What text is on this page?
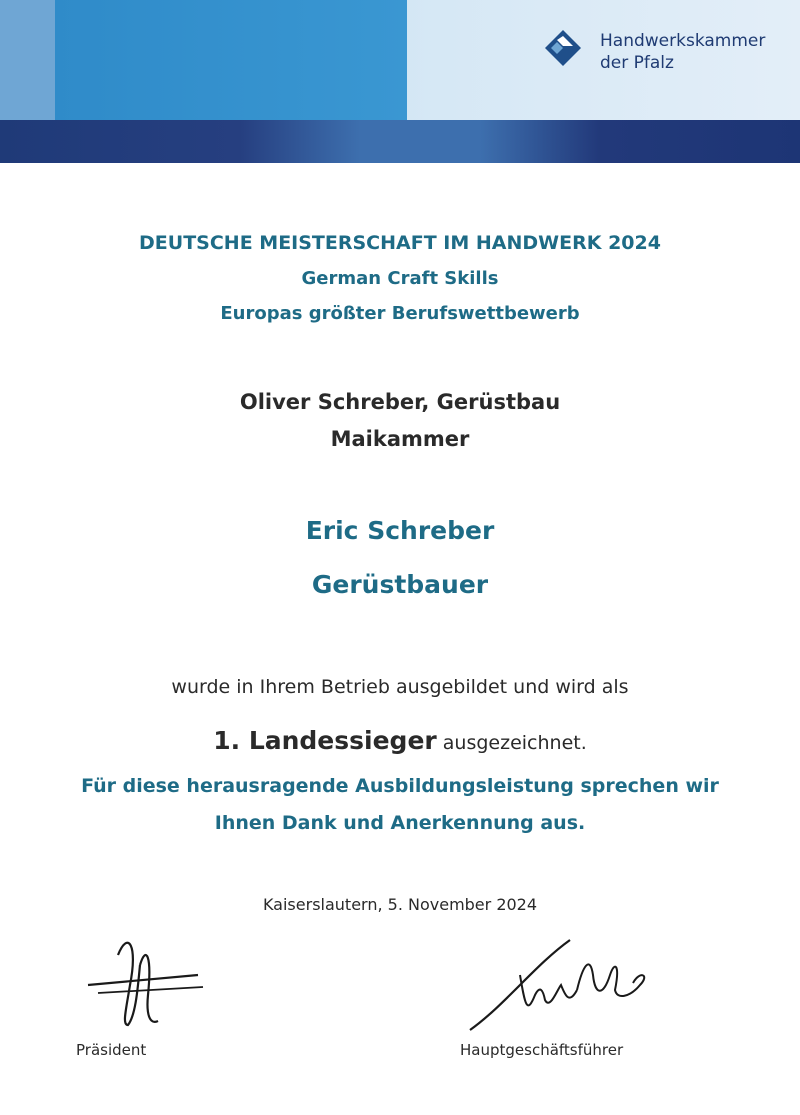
Handwerkskammer
der Pfalz
DEUTSCHE MEISTERSCHAFT IM HANDWERK 2024
German Craft Skills
Europas größter Berufswettbewerb
Oliver Schreber, Gerüstbau
Maikammer
Eric Schreber
Gerüstbauer
wurde in Ihrem Betrieb ausgebildet und wird als
1. Landessieger ausgezeichnet.
Für diese herausragende Ausbildungsleistung sprechen wir
Ihnen Dank und Anerkennung aus.
Kaiserslautern, 5. November 2024
Präsident	Hauptgeschäftsführer
